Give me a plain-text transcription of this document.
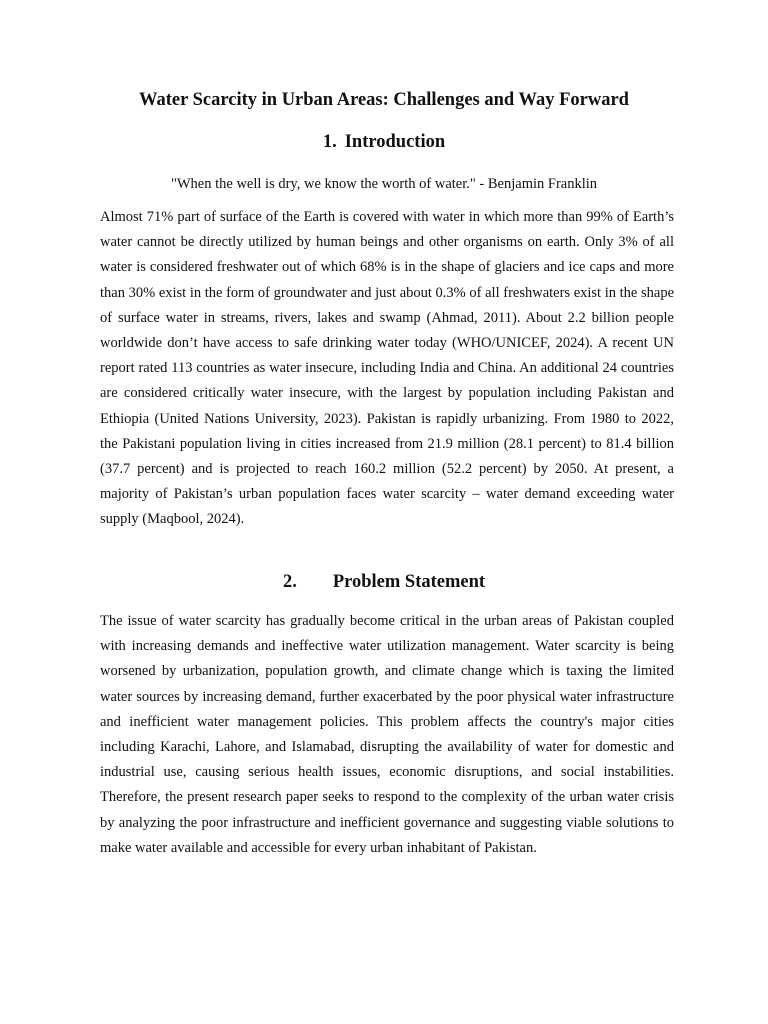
Water Scarcity in Urban Areas: Challenges and Way Forward
1. Introduction

"When the well is dry, we know the worth of water." - Benjamin Franklin

Almost 71% part of surface of the Earth is covered with water in which more than 99% of Earth’s water cannot be directly utilized by human beings and other organisms on earth. Only 3% of all water is considered freshwater out of which 68% is in the shape of glaciers and ice caps and more than 30% exist in the form of groundwater and just about 0.3% of all freshwaters exist in the shape of surface water in streams, rivers, lakes and swamp (Ahmad, 2011). About 2.2 billion people worldwide don’t have access to safe drinking water today (WHO/UNICEF, 2024). A recent UN report rated 113 countries as water insecure, including India and China. An additional 24 countries are considered critically water insecure, with the largest by population including Pakistan and Ethiopia (United Nations University, 2023). Pakistan is rapidly urbanizing. From 1980 to 2022, the Pakistani population living in cities increased from 21.9 million (28.1 percent) to 81.4 billion (37.7 percent) and is projected to reach 160.2 million (52.2 percent) by 2050. At present, a majority of Pakistan’s urban population faces water scarcity – water demand exceeding water supply (Maqbool, 2024).

2. Problem Statement

The issue of water scarcity has gradually become critical in the urban areas of Pakistan coupled with increasing demands and ineffective water utilization management. Water scarcity is being worsened by urbanization, population growth, and climate change which is taxing the limited water sources by increasing demand, further exacerbated by the poor physical water infrastructure and inefficient water management policies. This problem affects the country's major cities including Karachi, Lahore, and Islamabad, disrupting the availability of water for domestic and industrial use, causing serious health issues, economic disruptions, and social instabilities. Therefore, the present research paper seeks to respond to the complexity of the urban water crisis by analyzing the poor infrastructure and inefficient governance and suggesting viable solutions to make water available and accessible for every urban inhabitant of Pakistan.
